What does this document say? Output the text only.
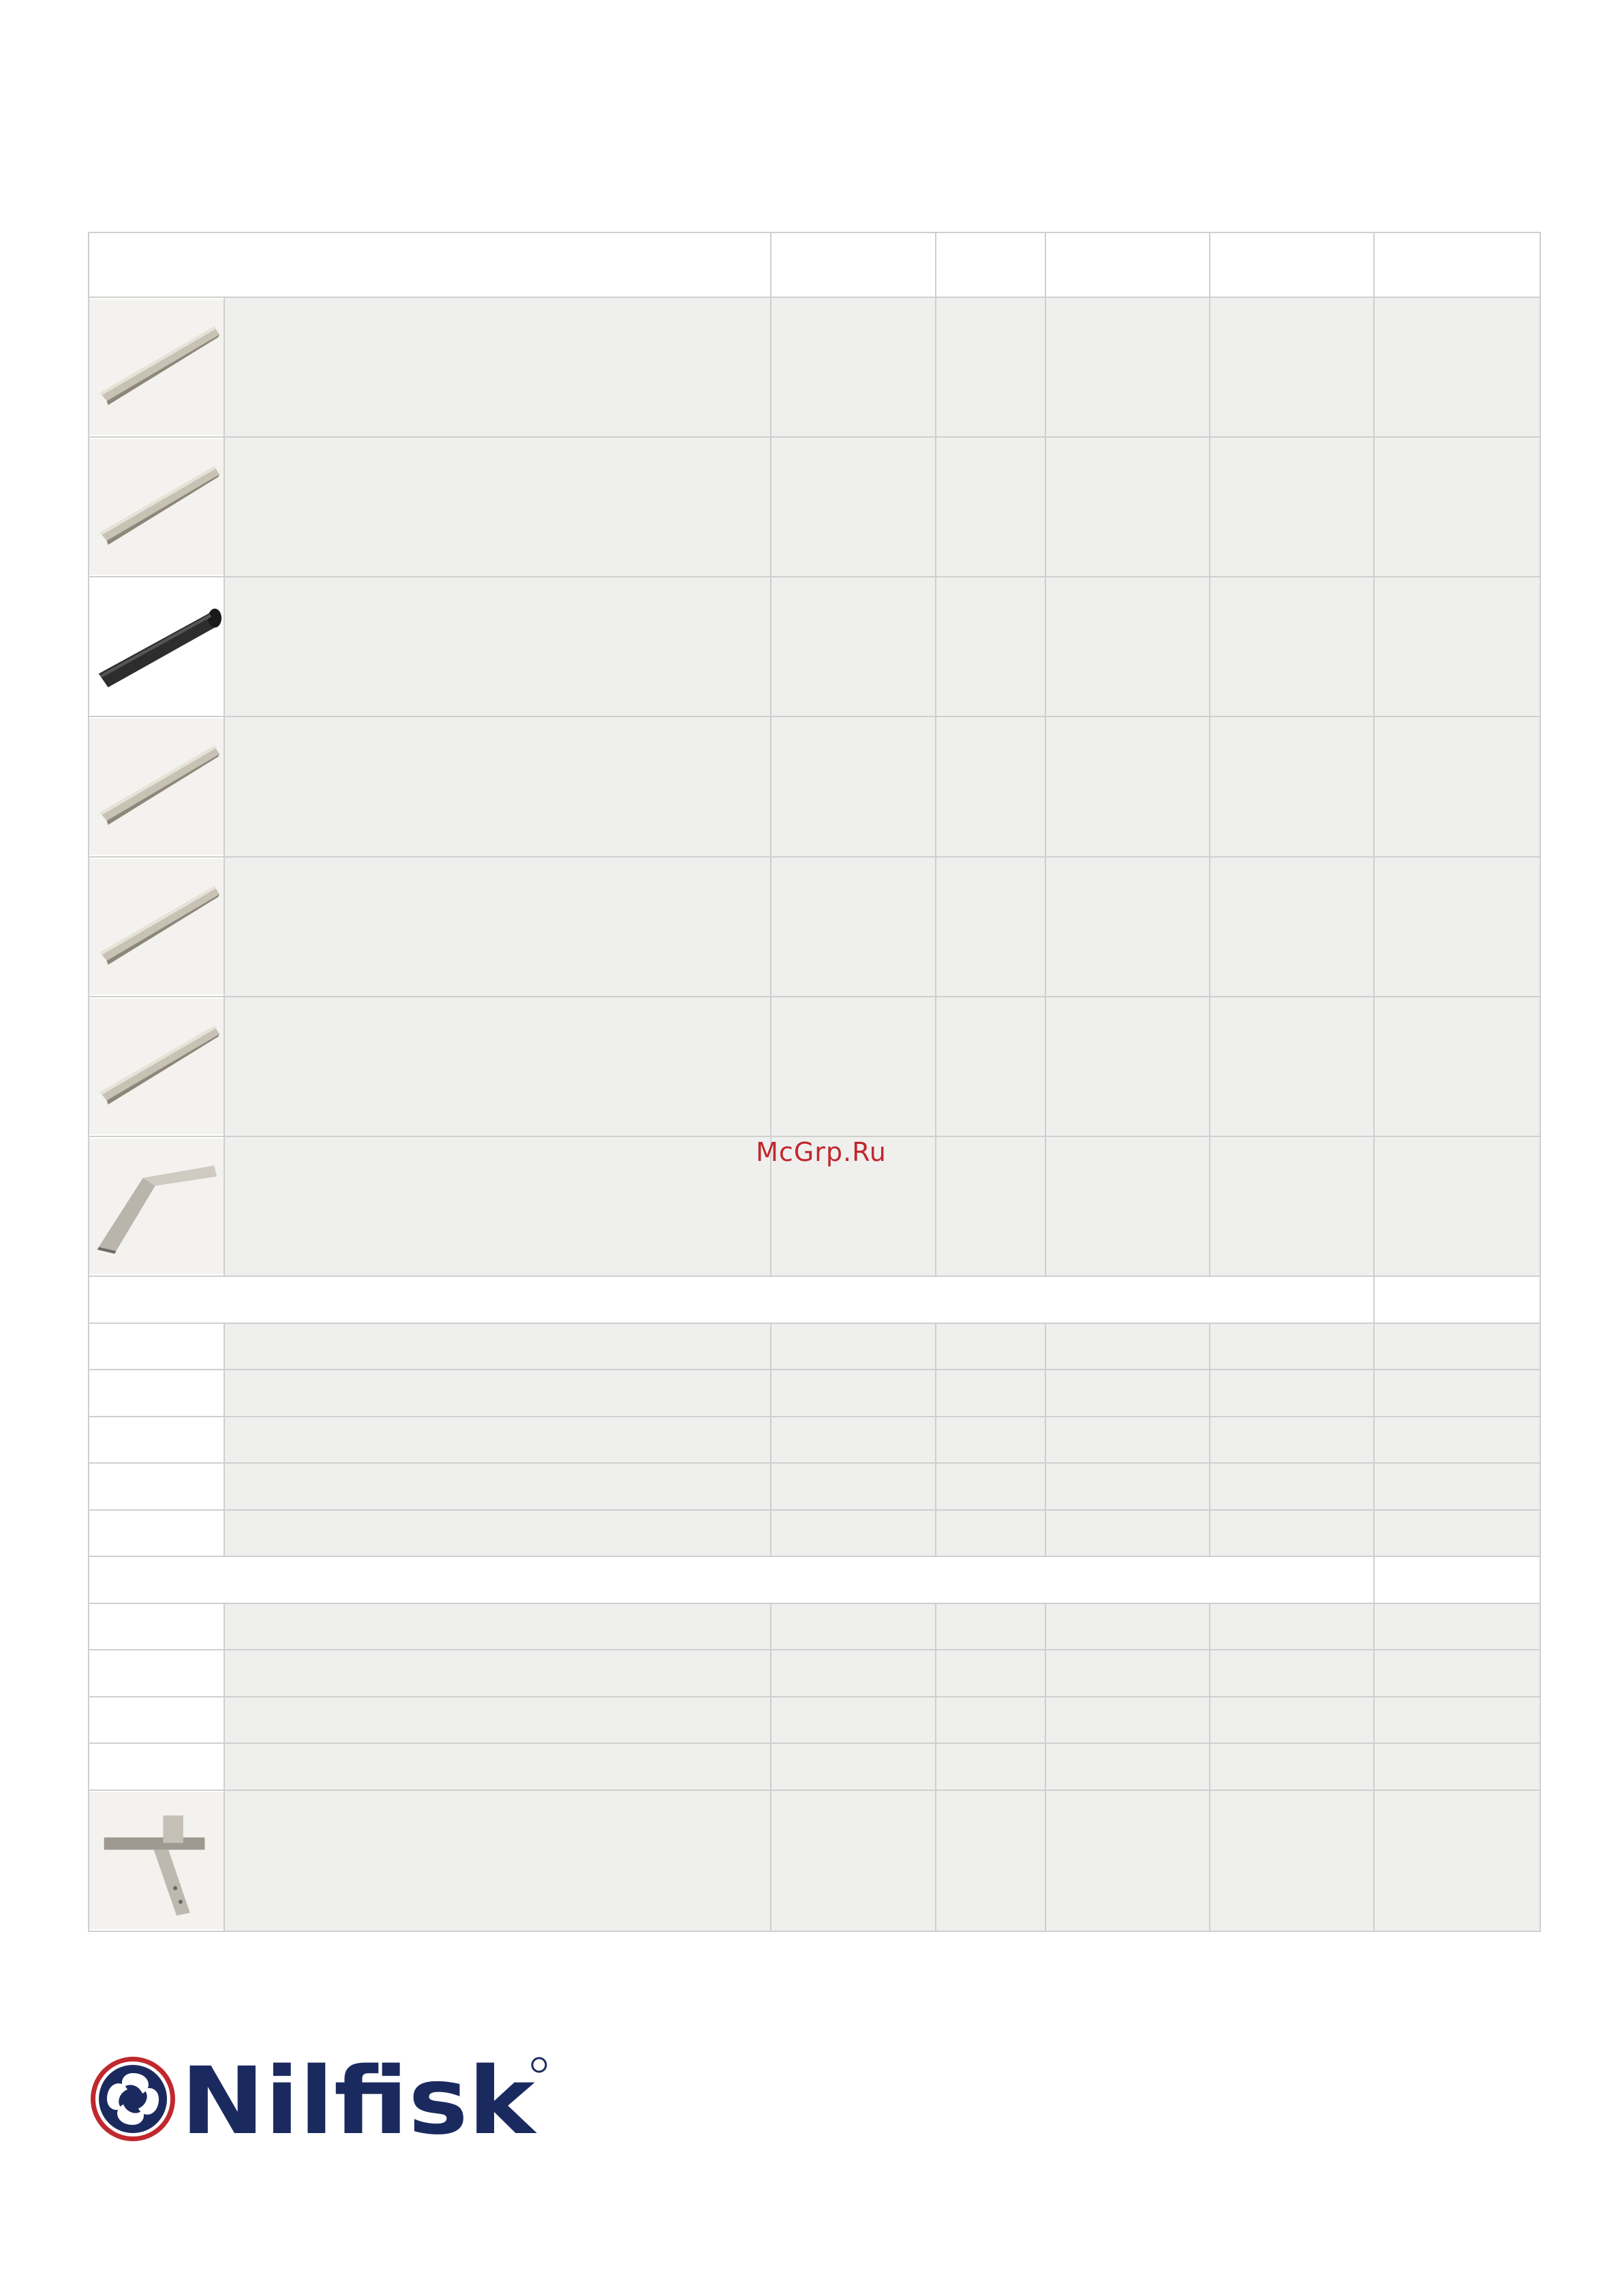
McGrp.Ru
Nilfisk
